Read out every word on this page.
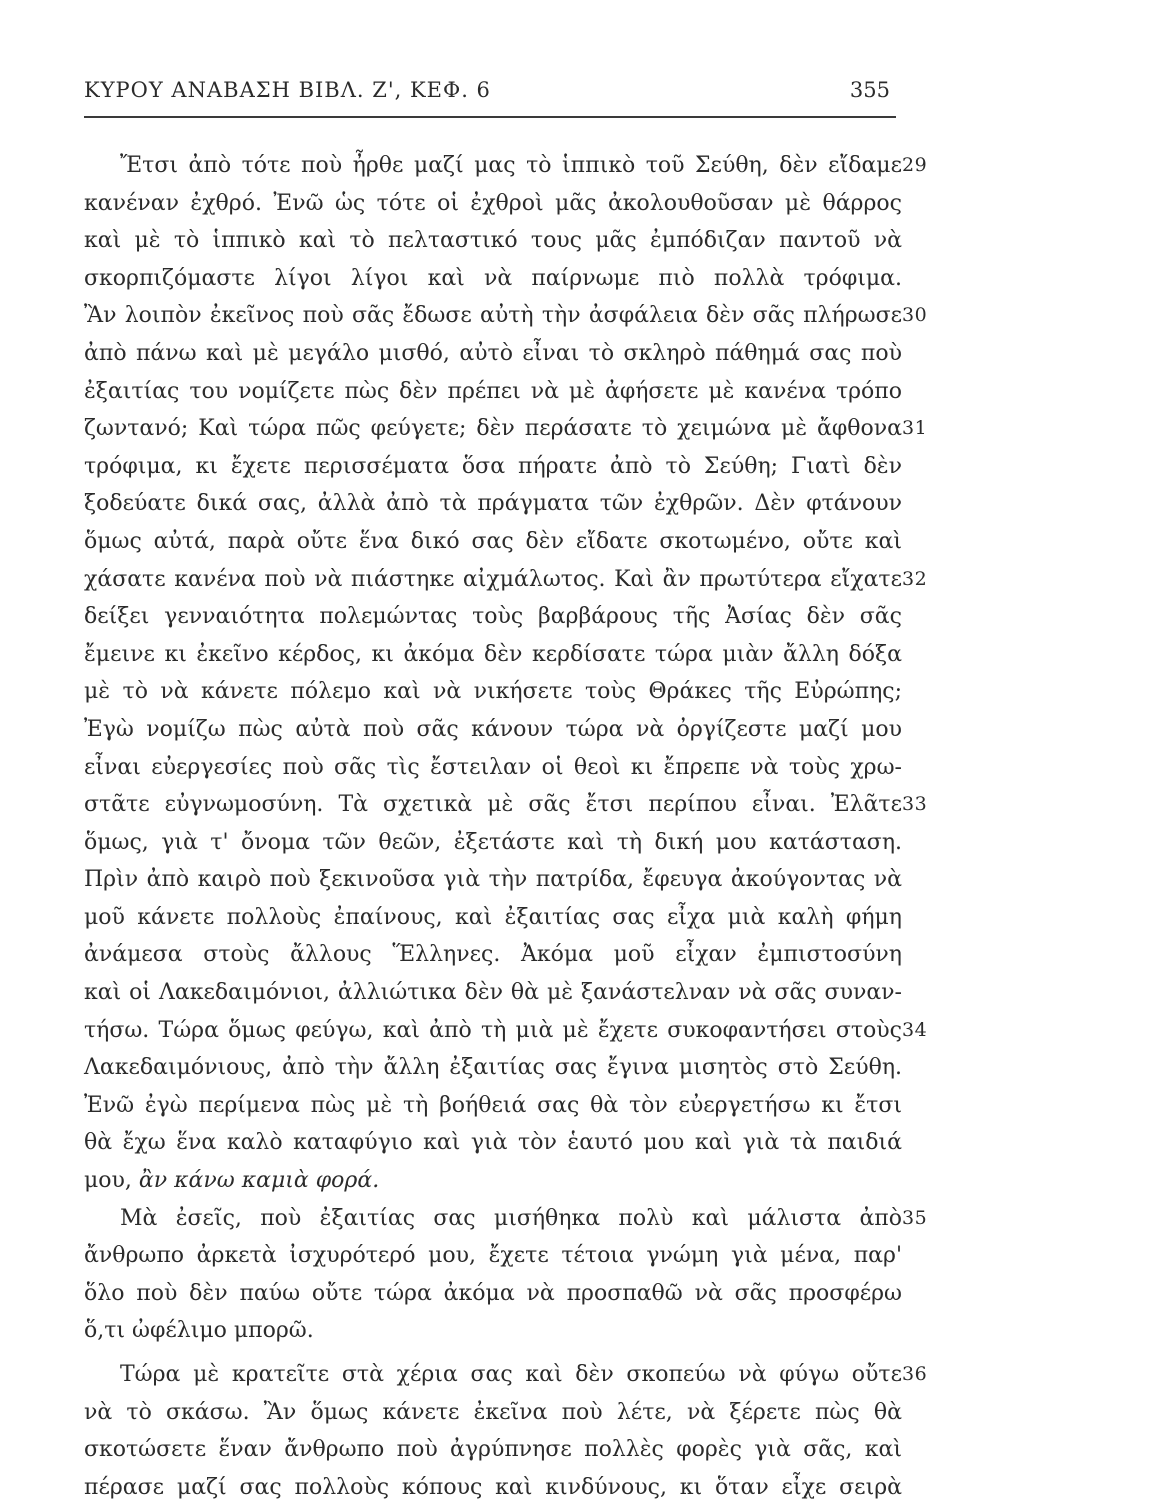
ΚΥΡΟΥ ΑΝΑΒΑΣΗ ΒΙΒΛ. Ζ', ΚΕΦ. 6	355
Ἔτσι ἀπὸ τότε ποὺ ἦρθε μαζί μας τὸ ἱππικὸ τοῦ Σεύθη, δὲν εἴδαμε 29
κανέναν ἐχθρό. Ἐνῶ ὡς τότε οἱ ἐχθροὶ μᾶς ἀκολουθοῦσαν μὲ θάρρος
καὶ μὲ τὸ ἱππικὸ καὶ τὸ πελταστικό τους μᾶς ἐμπόδιζαν παντοῦ νὰ
σκορπιζόμαστε λίγοι λίγοι καὶ νὰ παίρνωμε πιὸ πολλὰ τρόφιμα.
Ἂν λοιπὸν ἐκεῖνος ποὺ σᾶς ἔδωσε αὐτὴ τὴν ἀσφάλεια δὲν σᾶς πλήρωσε 30
ἀπὸ πάνω καὶ μὲ μεγάλο μισθό, αὐτὸ εἶναι τὸ σκληρὸ πάθημά σας ποὺ
ἐξαιτίας του νομίζετε πὼς δὲν πρέπει νὰ μὲ ἀφήσετε μὲ κανένα τρόπο
ζωντανό; Καὶ τώρα πῶς φεύγετε; δὲν περάσατε τὸ χειμώνα μὲ ἄφθονα 31
τρόφιμα, κι ἔχετε περισσέματα ὅσα πήρατε ἀπὸ τὸ Σεύθη; Γιατὶ δὲν
ξοδεύατε δικά σας, ἀλλὰ ἀπὸ τὰ πράγματα τῶν ἐχθρῶν. Δὲν φτάνουν
ὅμως αὐτά, παρὰ οὔτε ἕνα δικό σας δὲν εἴδατε σκοτωμένο, οὔτε καὶ
χάσατε κανένα ποὺ νὰ πιάστηκε αἰχμάλωτος. Καὶ ἂν πρωτύτερα εἴχατε 32
δείξει γενναιότητα πολεμώντας τοὺς βαρβάρους τῆς Ἀσίας δὲν σᾶς
ἔμεινε κι ἐκεῖνο κέρδος, κι ἀκόμα δὲν κερδίσατε τώρα μιὰν ἄλλη δόξα
μὲ τὸ νὰ κάνετε πόλεμο καὶ νὰ νικήσετε τοὺς Θράκες τῆς Εὐρώπης;
Ἐγὼ νομίζω πὼς αὐτὰ ποὺ σᾶς κάνουν τώρα νὰ ὀργίζεστε μαζί μου
εἶναι εὐεργεσίες ποὺ σᾶς τὶς ἔστειλαν οἱ θεοὶ κι ἔπρεπε νὰ τοὺς χρω-
στᾶτε εὐγνωμοσύνη. Τὰ σχετικὰ μὲ σᾶς ἔτσι περίπου εἶναι. Ἐλᾶτε 33
ὅμως, γιὰ τ' ὄνομα τῶν θεῶν, ἐξετάστε καὶ τὴ δική μου κατάσταση.
Πρὶν ἀπὸ καιρὸ ποὺ ξεκινοῦσα γιὰ τὴν πατρίδα, ἔφευγα ἀκούγοντας νὰ
μοῦ κάνετε πολλοὺς ἐπαίνους, καὶ ἐξαιτίας σας εἶχα μιὰ καλὴ φήμη
ἀνάμεσα στοὺς ἄλλους Ἕλληνες. Ἀκόμα μοῦ εἶχαν ἐμπιστοσύνη
καὶ οἱ Λακεδαιμόνιοι, ἀλλιώτικα δὲν θὰ μὲ ξανάστελναν νὰ σᾶς συναν-
τήσω. Τώρα ὅμως φεύγω, καὶ ἀπὸ τὴ μιὰ μὲ ἔχετε συκοφαντήσει στοὺς 34
Λακεδαιμόνιους, ἀπὸ τὴν ἄλλη ἐξαιτίας σας ἔγινα μισητὸς στὸ Σεύθη.
Ἐνῶ ἐγὼ περίμενα πὼς μὲ τὴ βοήθειά σας θὰ τὸν εὐεργετήσω κι ἔτσι
θὰ ἔχω ἕνα καλὸ καταφύγιο καὶ γιὰ τὸν ἑαυτό μου καὶ γιὰ τὰ παιδιά
μου, ἂν κάνω καμιὰ φορά.
Μὰ ἐσεῖς, ποὺ ἐξαιτίας σας μισήθηκα πολὺ καὶ μάλιστα ἀπὸ 35
ἄνθρωπο ἀρκετὰ ἰσχυρότερό μου, ἔχετε τέτοια γνώμη γιὰ μένα, παρ'
ὅλο ποὺ δὲν παύω οὔτε τώρα ἀκόμα νὰ προσπαθῶ νὰ σᾶς προσφέρω
ὅ,τι ὠφέλιμο μπορῶ.
Τώρα μὲ κρατεῖτε στὰ χέρια σας καὶ δὲν σκοπεύω νὰ φύγω οὔτε 36
νὰ τὸ σκάσω. Ἂν ὅμως κάνετε ἐκεῖνα ποὺ λέτε, νὰ ξέρετε πὼς θὰ
σκοτώσετε ἕναν ἄνθρωπο ποὺ ἀγρύπνησε πολλὲς φορὲς γιὰ σᾶς, καὶ
πέρασε μαζί σας πολλοὺς κόπους καὶ κινδύνους, κι ὅταν εἶχε σειρὰ
